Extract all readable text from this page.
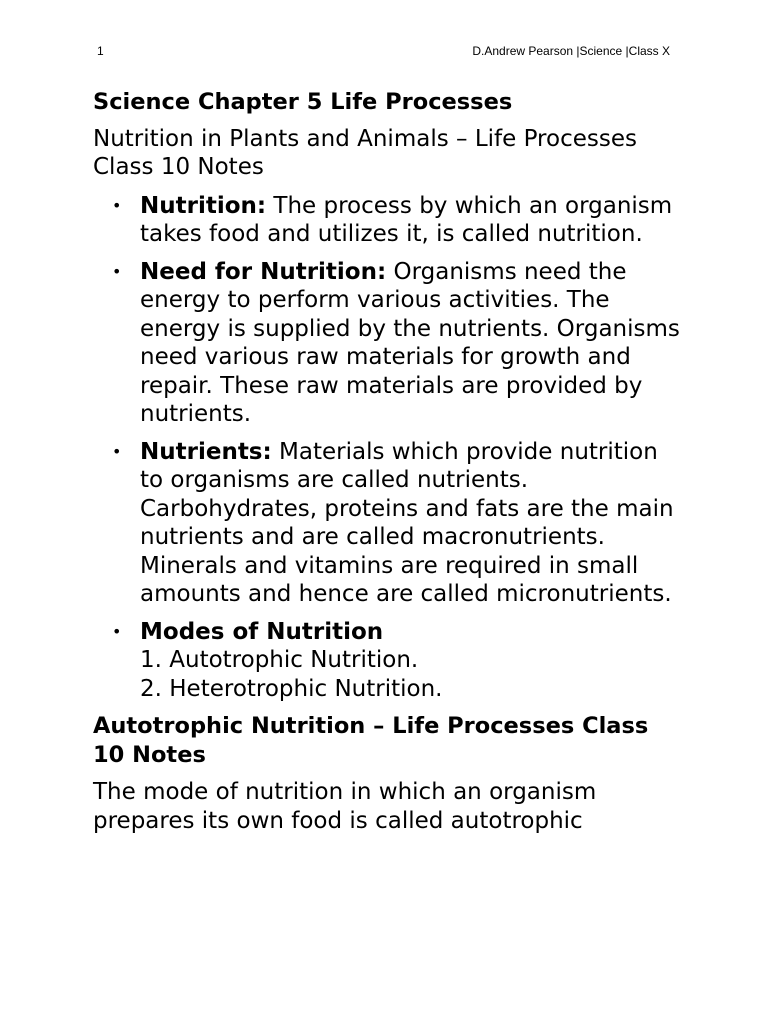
1	D.Andrew Pearson |Science |Class X
Science Chapter 5 Life Processes
Nutrition in Plants and Animals – Life Processes Class 10 Notes
• Nutrition: The process by which an organism takes food and utilizes it, is called nutrition.
• Need for Nutrition: Organisms need the energy to perform various activities. The energy is supplied by the nutrients. Organisms need various raw materials for growth and repair. These raw materials are provided by nutrients.
• Nutrients: Materials which provide nutrition to organisms are called nutrients. Carbohydrates, proteins and fats are the main nutrients and are called macronutrients. Minerals and vitamins are required in small amounts and hence are called micronutrients.
• Modes of Nutrition
1. Autotrophic Nutrition.
2. Heterotrophic Nutrition.
Autotrophic Nutrition – Life Processes Class 10 Notes
The mode of nutrition in which an organism prepares its own food is called autotrophic
